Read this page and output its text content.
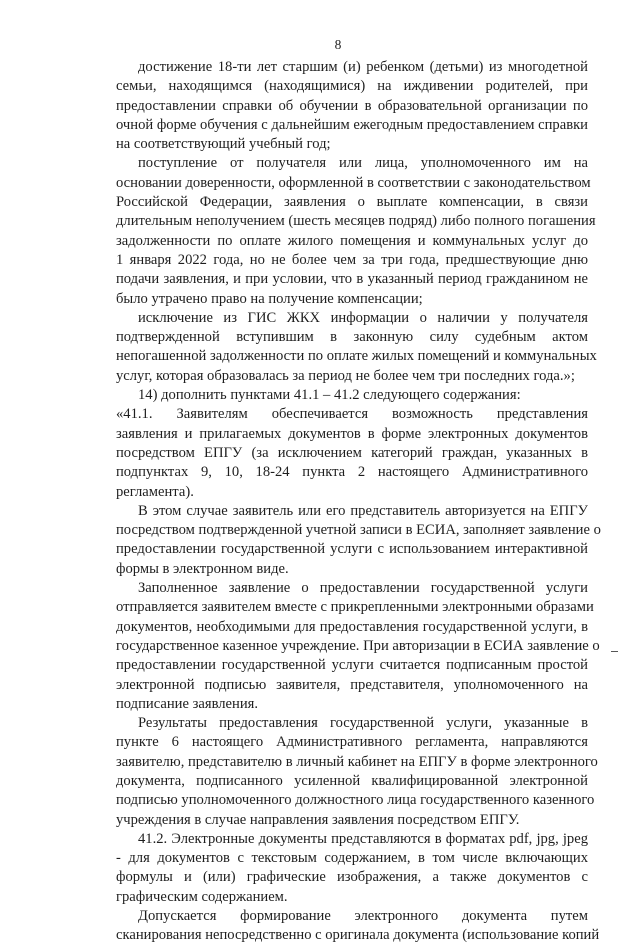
8
достижение 18-ти лет старшим (и) ребенком (детьми) из многодетной
семьи, находящимся (находящимися) на иждивении родителей, при
предоставлении справки об обучении в образовательной организации по
очной форме обучения с дальнейшим ежегодным предоставлением справки
на соответствующий учебный год;
поступление от получателя или лица, уполномоченного им на
основании доверенности, оформленной в соответствии с законодательством
Российской Федерации, заявления о выплате компенсации, в связи
длительным неполучением (шесть месяцев подряд) либо полного погашения
задолженности по оплате жилого помещения и коммунальных услуг до
1 января 2022 года, но не более чем за три года, предшествующие дню
подачи заявления, и при условии, что в указанный период гражданином не
было утрачено право на получение компенсации;
исключение из ГИС ЖКХ информации о наличии у получателя
подтвержденной вступившим в законную силу судебным актом
непогашенной задолженности по оплате жилых помещений и коммунальных
услуг, которая образовалась за период не более чем три последних года.»;
14) дополнить пунктами 41.1 – 41.2 следующего содержания:
«41.1. Заявителям обеспечивается возможность представления
заявления и прилагаемых документов в форме электронных документов
посредством ЕПГУ (за исключением категорий граждан, указанных в
подпунктах 9, 10, 18-24 пункта 2 настоящего Административного
регламента).
В этом случае заявитель или его представитель авторизуется на ЕПГУ
посредством подтвержденной учетной записи в ЕСИА, заполняет заявление о
предоставлении государственной услуги с использованием интерактивной
формы в электронном виде.
Заполненное заявление о предоставлении государственной услуги
отправляется заявителем вместе с прикрепленными электронными образами
документов, необходимыми для предоставления государственной услуги, в
государственное казенное учреждение. При авторизации в ЕСИА заявление о
предоставлении государственной услуги считается подписанным простой
электронной подписью заявителя, представителя, уполномоченного на
подписание заявления.
Результаты предоставления государственной услуги, указанные в
пункте 6 настоящего Административного регламента, направляются
заявителю, представителю в личный кабинет на ЕПГУ в форме электронного
документа, подписанного усиленной квалифицированной электронной
подписью уполномоченного должностного лица государственного казенного
учреждения в случае направления заявления посредством ЕПГУ.
41.2. Электронные документы представляются в форматах pdf, jpg, jpeg
- для документов с текстовым содержанием, в том числе включающих
формулы и (или) графические изображения, а также документов с
графическим содержанием.
Допускается формирование электронного документа путем
сканирования непосредственно с оригинала документа (использование копий
